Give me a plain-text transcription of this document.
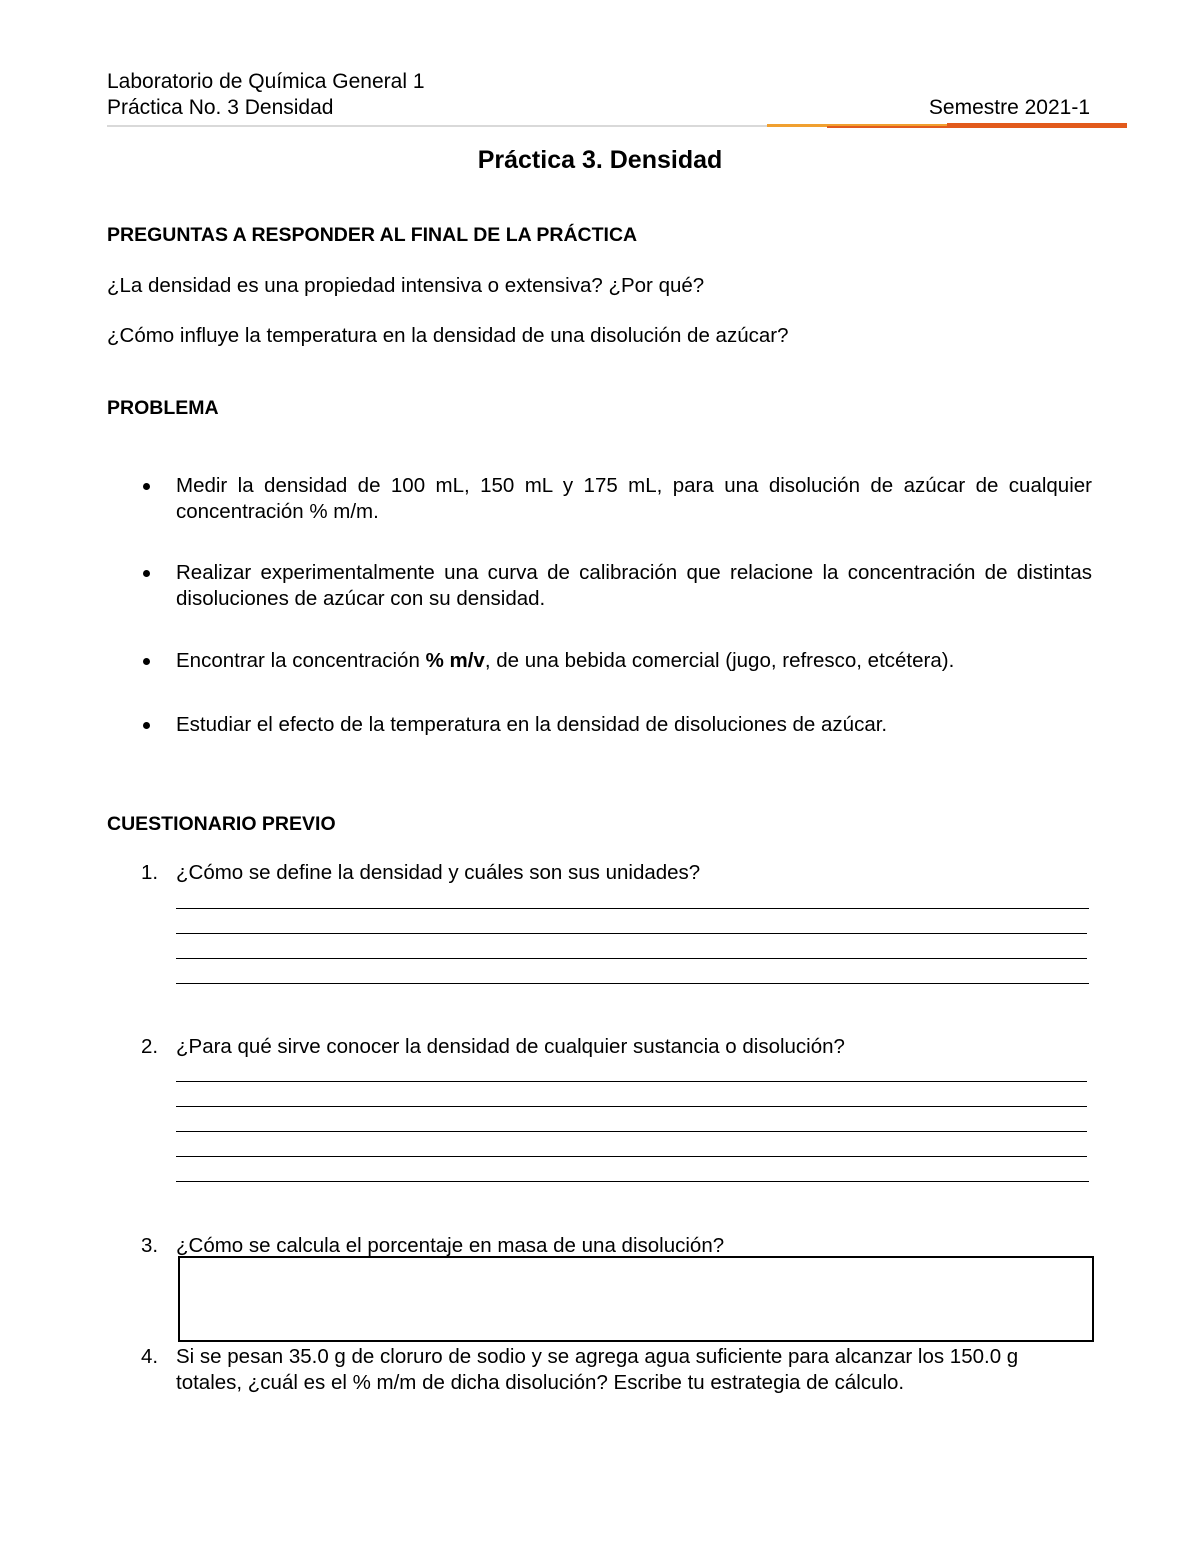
Laboratorio de Química General 1
Práctica No. 3 Densidad	Semestre 2021-1
Práctica 3. Densidad
PREGUNTAS A RESPONDER AL FINAL DE LA PRÁCTICA
¿La densidad es una propiedad intensiva o extensiva? ¿Por qué?
¿Cómo influye la temperatura en la densidad de una disolución de azúcar?
PROBLEMA
Medir la densidad de 100 mL, 150 mL y 175 mL, para una disolución de azúcar de cualquier concentración % m/m.
Realizar experimentalmente una curva de calibración que relacione la concentración de distintas disoluciones de azúcar con su densidad.
Encontrar la concentración % m/v, de una bebida comercial (jugo, refresco, etcétera).
Estudiar el efecto de la temperatura en la densidad de disoluciones de azúcar.
CUESTIONARIO PREVIO
1. ¿Cómo se define la densidad y cuáles son sus unidades?
2. ¿Para qué sirve conocer la densidad de cualquier sustancia o disolución?
3. ¿Cómo se calcula el porcentaje en masa de una disolución?
4. Si se pesan 35.0 g de cloruro de sodio y se agrega agua suficiente para alcanzar los 150.0 g totales, ¿cuál es el % m/m de dicha disolución? Escribe tu estrategia de cálculo.
